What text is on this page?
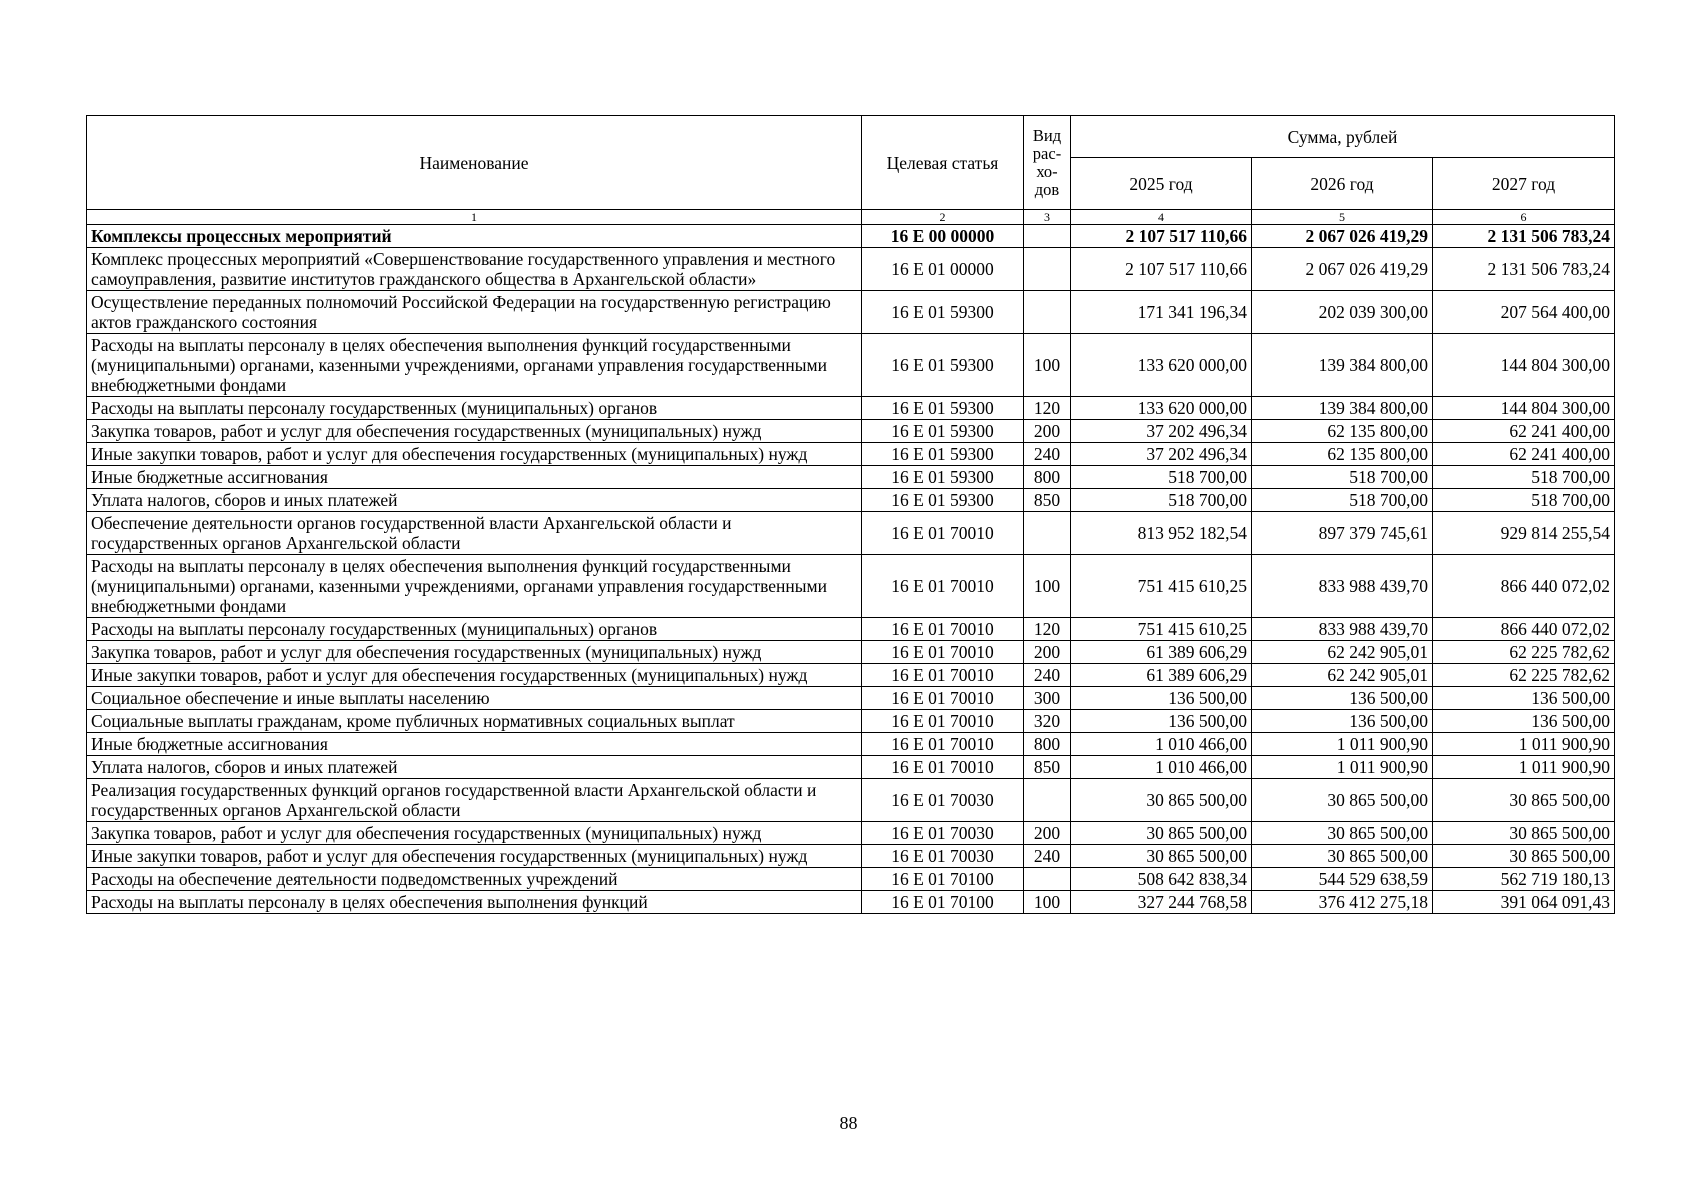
Наименование	Целевая статья	Вид рас-хо-дов	Сумма, рублей		
			2025 год	2026 год	2027 год
1	2	3	4	5	6
Комплексы процессных мероприятий	16 Е 00 00000		2 107 517 110,66	2 067 026 419,29	2 131 506 783,24
Комплекс процессных мероприятий «Совершенствование государственного управления и местного самоуправления, развитие институтов гражданского общества в Архангельской области»	16 Е 01 00000		2 107 517 110,66	2 067 026 419,29	2 131 506 783,24
Осуществление переданных полномочий Российской Федерации на государственную регистрацию актов гражданского состояния	16 Е 01 59300		171 341 196,34	202 039 300,00	207 564 400,00
Расходы на выплаты персоналу в целях обеспечения выполнения функций государственными (муниципальными) органами, казенными учреждениями, органами управления государственными внебюджетными фондами	16 Е 01 59300	100	133 620 000,00	139 384 800,00	144 804 300,00
Расходы на выплаты персоналу государственных (муниципальных) органов	16 Е 01 59300	120	133 620 000,00	139 384 800,00	144 804 300,00
Закупка товаров, работ и услуг для обеспечения государственных (муниципальных) нужд	16 Е 01 59300	200	37 202 496,34	62 135 800,00	62 241 400,00
Иные закупки товаров, работ и услуг для обеспечения государственных (муниципальных) нужд	16 Е 01 59300	240	37 202 496,34	62 135 800,00	62 241 400,00
Иные бюджетные ассигнования	16 Е 01 59300	800	518 700,00	518 700,00	518 700,00
Уплата налогов, сборов и иных платежей	16 Е 01 59300	850	518 700,00	518 700,00	518 700,00
Обеспечение деятельности органов государственной власти Архангельской области и государственных органов Архангельской области	16 Е 01 70010		813 952 182,54	897 379 745,61	929 814 255,54
Расходы на выплаты персоналу в целях обеспечения выполнения функций государственными (муниципальными) органами, казенными учреждениями, органами управления государственными внебюджетными фондами	16 Е 01 70010	100	751 415 610,25	833 988 439,70	866 440 072,02
Расходы на выплаты персоналу государственных (муниципальных) органов	16 Е 01 70010	120	751 415 610,25	833 988 439,70	866 440 072,02
Закупка товаров, работ и услуг для обеспечения государственных (муниципальных) нужд	16 Е 01 70010	200	61 389 606,29	62 242 905,01	62 225 782,62
Иные закупки товаров, работ и услуг для обеспечения государственных (муниципальных) нужд	16 Е 01 70010	240	61 389 606,29	62 242 905,01	62 225 782,62
Социальное обеспечение и иные выплаты населению	16 Е 01 70010	300	136 500,00	136 500,00	136 500,00
Социальные выплаты гражданам, кроме публичных нормативных социальных выплат	16 Е 01 70010	320	136 500,00	136 500,00	136 500,00
Иные бюджетные ассигнования	16 Е 01 70010	800	1 010 466,00	1 011 900,90	1 011 900,90
Уплата налогов, сборов и иных платежей	16 Е 01 70010	850	1 010 466,00	1 011 900,90	1 011 900,90
Реализация государственных функций органов государственной власти Архангельской области и государственных органов Архангельской области	16 Е 01 70030		30 865 500,00	30 865 500,00	30 865 500,00
Закупка товаров, работ и услуг для обеспечения государственных (муниципальных) нужд	16 Е 01 70030	200	30 865 500,00	30 865 500,00	30 865 500,00
Иные закупки товаров, работ и услуг для обеспечения государственных (муниципальных) нужд	16 Е 01 70030	240	30 865 500,00	30 865 500,00	30 865 500,00
Расходы на обеспечение деятельности подведомственных учреждений	16 Е 01 70100		508 642 838,34	544 529 638,59	562 719 180,13
Расходы на выплаты персоналу в целях обеспечения выполнения функций	16 Е 01 70100	100	327 244 768,58	376 412 275,18	391 064 091,43
88
